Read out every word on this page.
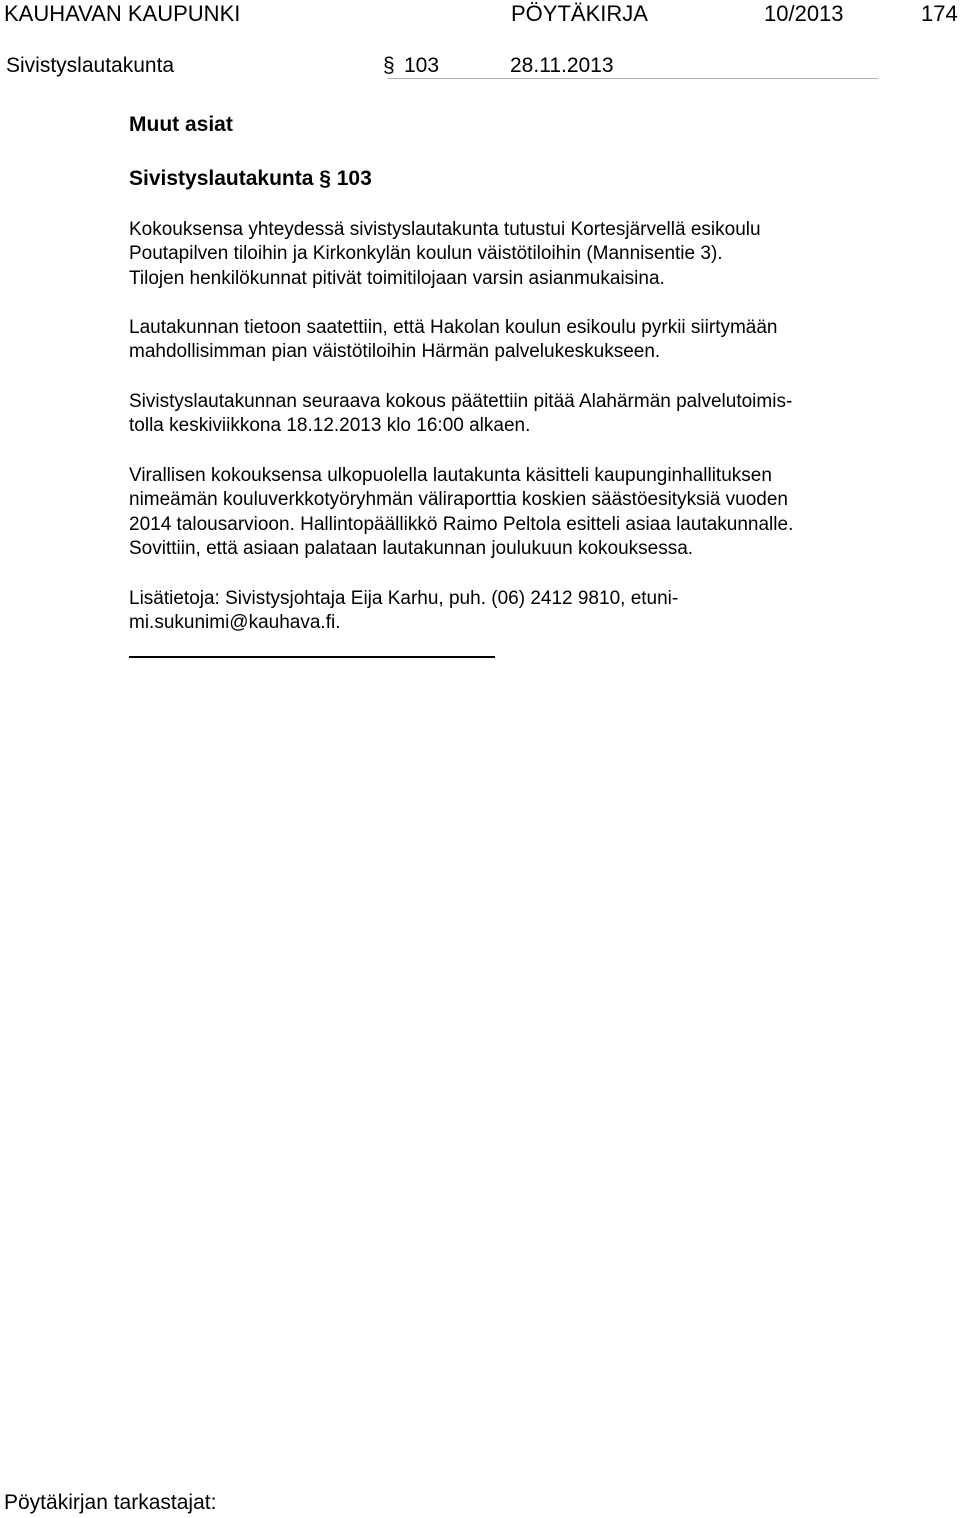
KAUHAVAN KAUPUNKI	PÖYTÄKIRJA	10/2013	174
Sivistyslautakunta	§ 103	28.11.2013
Muut asiat
Sivistyslautakunta § 103

Kokouksensa yhteydessä sivistyslautakunta tutustui Kortesjärvellä esikoulu
Poutapilven tiloihin ja Kirkonkylän koulun väistötiloihin (Mannisentie 3).
Tilojen henkilökunnat pitivät toimitilojaan varsin asianmukaisina.

Lautakunnan tietoon saatettiin, että Hakolan koulun esikoulu pyrkii siirtymään
mahdollisimman pian väistötiloihin Härmän palvelukeskukseen.

Sivistyslautakunnan seuraava kokous päätettiin pitää Alahärmän palvelutoimis-
tolla keskiviikkona 18.12.2013 klo 16:00 alkaen.

Virallisen kokouksensa ulkopuolella lautakunta käsitteli kaupunginhallituksen
nimeämän kouluverkkotyöryhmän väliraporttia koskien säästöesityksiä vuoden
2014 talousarvioon. Hallintopäällikkö Raimo Peltola esitteli asiaa lautakunnalle.
Sovittiin, että asiaan palataan lautakunnan joulukuun kokouksessa.

Lisätietoja: Sivistysjohtaja Eija Karhu, puh. (06) 2412 9810, etuni-
mi.sukunimi@kauhava.fi.

Pöytäkirjan tarkastajat:
